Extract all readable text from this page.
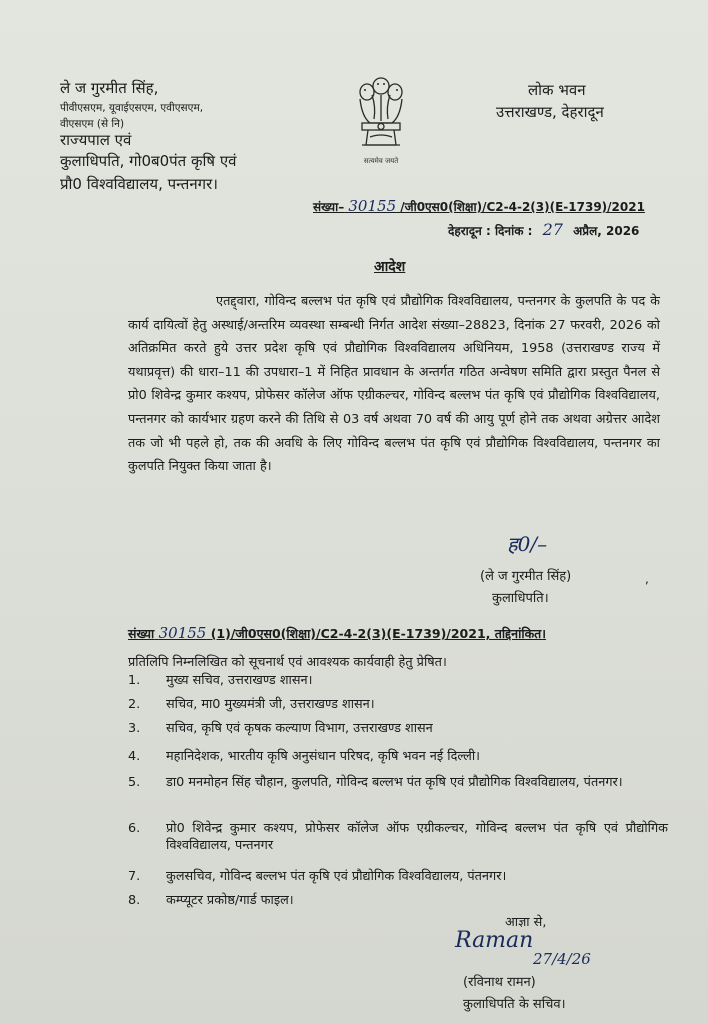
ले ज गुरमीत सिंह,
पीवीएसएम, यूवाईएसएम, एवीएसएम,
वीएसएम (से नि)
राज्यपाल एवं
कुलाधिपति, गो0ब0पंत कृषि एवं
प्रौ0 विश्वविद्यालय, पन्तनगर।
सत्यमेव जयते
लोक भवन
उत्तराखण्ड, देहरादून
संख्या– 30155 /जी0एस0(शिक्षा)/C2-4-2(3)(E-1739)/2021
देहरादून : दिनांक : 27 अप्रैल, 2026
आदेश
एतद्द्वारा, गोविन्द बल्लभ पंत कृषि एवं प्रौद्योगिक विश्वविद्यालय, पन्तनगर के कुलपति के पद के कार्य दायित्वों हेतु अस्थाई/अन्तरिम व्यवस्था सम्बन्धी निर्गत आदेश संख्या–28823, दिनांक 27 फरवरी, 2026 को अतिक्रमित करते हुये उत्तर प्रदेश कृषि एवं प्रौद्योगिक विश्वविद्यालय अधिनियम, 1958 (उत्तराखण्ड राज्य में यथाप्रवृत्त) की धारा–11 की उपधारा–1 में निहित प्रावधान के अन्तर्गत गठित अन्वेषण समिति द्वारा प्रस्तुत पैनल से प्रो0 शिवेन्द्र कुमार कश्यप, प्रोफेसर कॉलेज ऑफ एग्रीकल्चर, गोविन्द बल्लभ पंत कृषि एवं प्रौद्योगिक विश्वविद्यालय, पन्तनगर को कार्यभार ग्रहण करने की तिथि से 03 वर्ष अथवा 70 वर्ष की आयु पूर्ण होने तक अथवा अग्रेत्तर आदेश तक जो भी पहले हो, तक की अवधि के लिए गोविन्द बल्लभ पंत कृषि एवं प्रौद्योगिक विश्वविद्यालय, पन्तनगर का कुलपति नियुक्त किया जाता है।
ह0/–
(ले ज गुरमीत सिंह)	,
कुलाधिपति।
संख्या 30155 (1)/जी0एस0(शिक्षा)/C2-4-2(3)(E-1739)/2021, तद्दिनांकित।
प्रतिलिपि निम्नलिखित को सूचनार्थ एवं आवश्यक कार्यवाही हेतु प्रेषित।
1.	मुख्य सचिव, उत्तराखण्ड शासन।
2.	सचिव, मा0 मुख्यमंत्री जी, उत्तराखण्ड शासन।
3.	सचिव, कृषि एवं कृषक कल्याण विभाग, उत्तराखण्ड शासन
4.	महानिदेशक, भारतीय कृषि अनुसंधान परिषद, कृषि भवन नई दिल्ली।
5.	डा0 मनमोहन सिंह चौहान, कुलपति, गोविन्द बल्लभ पंत कृषि एवं प्रौद्योगिक विश्वविद्यालय, पंतनगर।
6.	प्रो0 शिवेन्द्र कुमार कश्यप, प्रोफेसर कॉलेज ऑफ एग्रीकल्चर, गोविन्द बल्लभ पंत कृषि एवं प्रौद्योगिक विश्वविद्यालय, पन्तनगर
7.	कुलसचिव, गोविन्द बल्लभ पंत कृषि एवं प्रौद्योगिक विश्वविद्यालय, पंतनगर।
8.	कम्प्यूटर प्रकोष्ठ/गार्ड फाइल।
आज्ञा से,
Raman
27/4/26
(रविनाथ रामन)
कुलाधिपति के सचिव।
